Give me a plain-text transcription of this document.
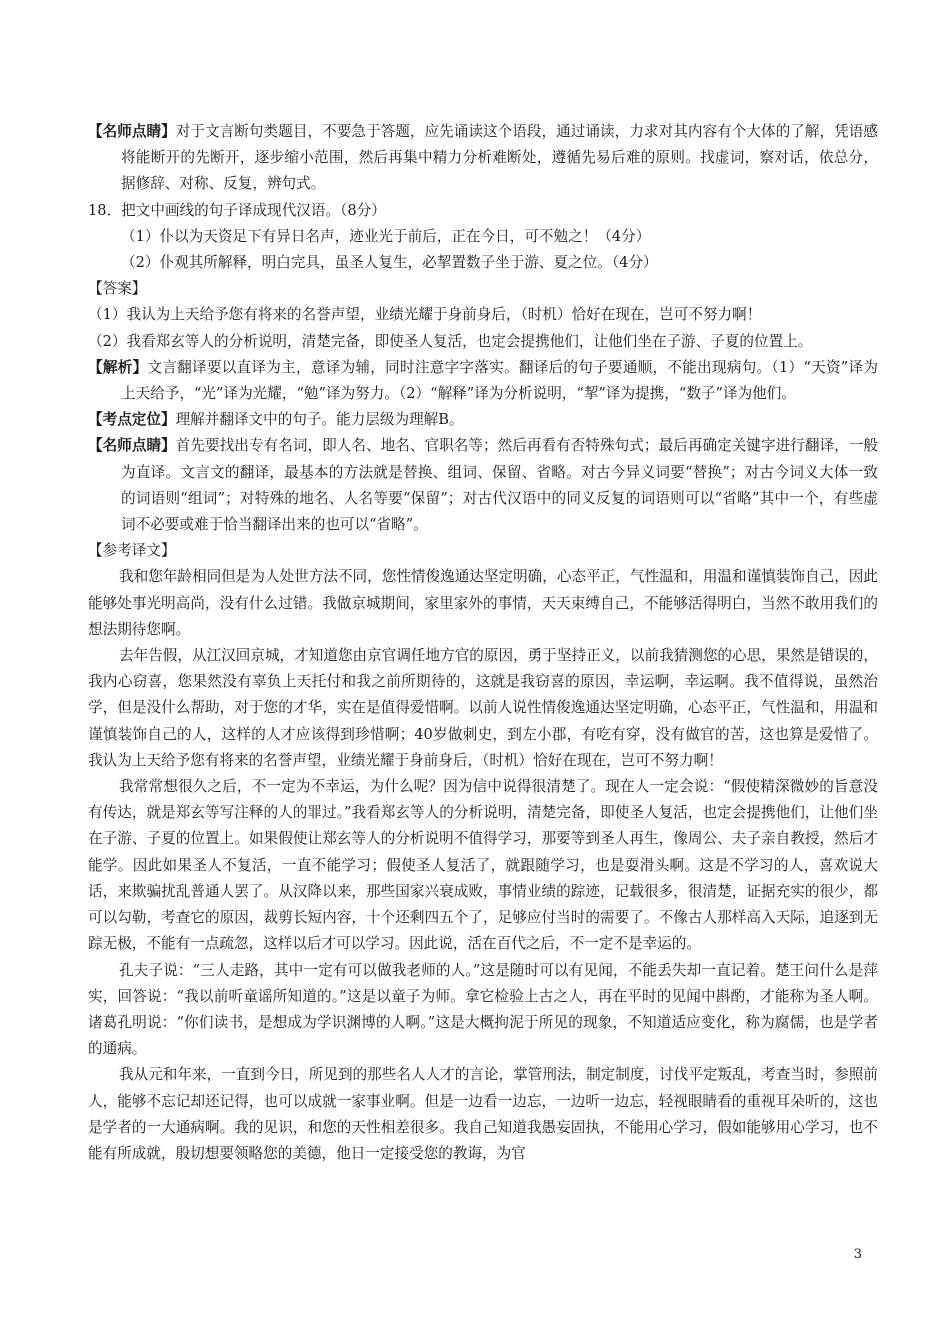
【名师点睛】对于文言断句类题目，不要急于答题，应先诵读这个语段，通过诵读，力求对其内容有个大体的了解，凭语感将能断开的先断开，逐步缩小范围，然后再集中精力分析难断处，遵循先易后难的原则。找虚词，察对话，依总分，据修辞、对称、反复，辨句式。

18．把文中画线的句子译成现代汉语。（8分）

（1）仆以为天资足下有异日名声，迹业光于前后，正在今日，可不勉之！（4分）

（2）仆观其所解释，明白完具，虽圣人复生，必挈置数子坐于游、夏之位。（4分）

【答案】

（1）我认为上天给予您有将来的名誉声望，业绩光耀于身前身后，（时机）恰好在现在，岂可不努力啊！

（2）我看郑玄等人的分析说明，清楚完备，即使圣人复活，也定会提携他们，让他们坐在子游、子夏的位置上。

【解析】文言翻译要以直译为主，意译为辅，同时注意字字落实。翻译后的句子要通顺，不能出现病句。（1）“天资”译为上天给予，“光”译为光耀，“勉”译为努力。（2）“解释”译为分析说明，“挈”译为提携，“数子”译为他们。

【考点定位】理解并翻译文中的句子。能力层级为理解B。

【名师点睛】首先要找出专有名词，即人名、地名、官职名等；然后再看有否特殊句式；最后再确定关键字进行翻译，一般为直译。文言文的翻译，最基本的方法就是替换、组词、保留、省略。对古今异义词要“替换”；对古今词义大体一致的词语则“组词”；对特殊的地名、人名等要“保留”；对古代汉语中的同义反复的词语则可以“省略”其中一个，有些虚词不必要或难于恰当翻译出来的也可以“省略”。

【参考译文】

我和您年龄相同但是为人处世方法不同，您性情俊逸通达坚定明确，心态平正，气性温和，用温和谨慎装饰自己，因此能够处事光明高尚，没有什么过错。我做京城期间，家里家外的事情，天天束缚自己，不能够活得明白，当然不敢用我们的想法期待您啊。

去年告假，从江汉回京城，才知道您由京官调任地方官的原因，勇于坚持正义，以前我猜测您的心思，果然是错误的，我内心窃喜，您果然没有辜负上天托付和我之前所期待的，这就是我窃喜的原因，幸运啊，幸运啊。我不值得说，虽然治学，但是没什么帮助，对于您的才华，实在是值得爱惜啊。以前人说性情俊逸通达坚定明确，心态平正，气性温和，用温和谨慎装饰自己的人，这样的人才应该得到珍惜啊；40岁做刺史，到左小郡，有吃有穿，没有做官的苦，这也算是爱惜了。我认为上天给予您有将来的名誉声望，业绩光耀于身前身后，（时机）恰好在现在，岂可不努力啊！

我常常想很久之后，不一定为不幸运，为什么呢？因为信中说得很清楚了。现在人一定会说：“假使精深微妙的旨意没有传达，就是郑玄等写注释的人的罪过。”我看郑玄等人的分析说明，清楚完备，即使圣人复活，也定会提携他们，让他们坐在子游、子夏的位置上。如果假使让郑玄等人的分析说明不值得学习，那要等到圣人再生，像周公、夫子亲自教授，然后才能学。因此如果圣人不复活，一直不能学习；假使圣人复活了，就跟随学习，也是耍滑头啊。这是不学习的人，喜欢说大话，来欺骗扰乱普通人罢了。从汉降以来，那些国家兴衰成败，事情业绩的踪迹，记载很多，很清楚，证据充实的很少，都可以勾勒，考查它的原因，裁剪长短内容，十个还剩四五个了，足够应付当时的需要了。不像古人那样高入天际，追逐到无踪无极，不能有一点疏忽，这样以后才可以学习。因此说，活在百代之后，不一定不是幸运的。

孔夫子说：“三人走路，其中一定有可以做我老师的人。”这是随时可以有见闻，不能丢失却一直记着。楚王问什么是萍实，回答说：“我以前听童谣所知道的。”这是以童子为师。拿它检验上古之人，再在平时的见闻中斟酌，才能称为圣人啊。诸葛孔明说：“你们读书，是想成为学识渊博的人啊。”这是大概拘泥于所见的现象，不知道适应变化，称为腐儒，也是学者的通病。

我从元和年来，一直到今日，所见到的那些名人人才的言论，掌管刑法，制定制度，讨伐平定叛乱，考查当时，参照前人，能够不忘记却还记得，也可以成就一家事业啊。但是一边看一边忘，一边听一边忘，轻视眼睛看的重视耳朵听的，这也是学者的一大通病啊。我的见识，和您的天性相差很多。我自己知道我愚妄固执，不能用心学习，假如能够用心学习，也不能有所成就，殷切想要领略您的美德，他日一定接受您的教诲，为官

3
